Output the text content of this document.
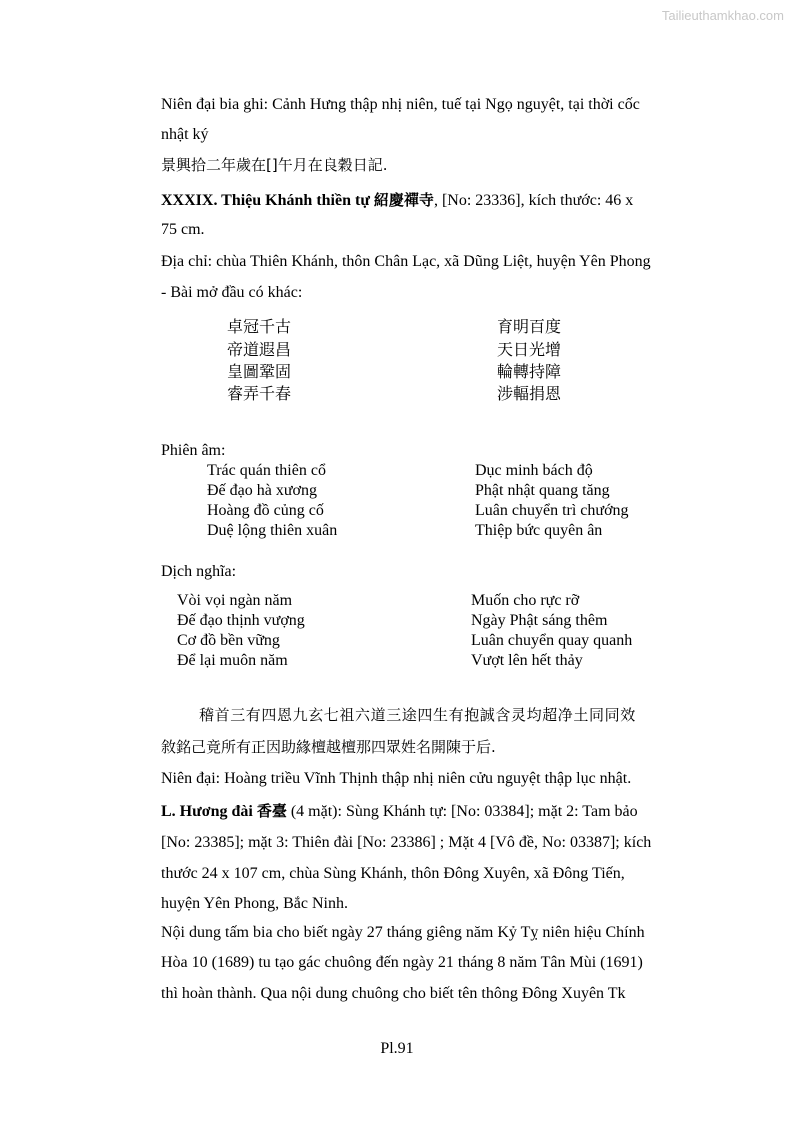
Tailieuthamkhao.com
Niên đại bia ghi: Cảnh Hưng thập nhị niên, tuế tại Ngọ nguyệt, tại thời cốc
nhật ký
景興拾二年歲在[]午月在良穀日記.
XXXIX. Thiệu Khánh thiền tự 紹慶禪寺, [No: 23336], kích thước: 46 x
75 cm.
Địa chỉ: chùa Thiên Khánh, thôn Chân Lạc, xã Dũng Liệt, huyện Yên Phong
- Bài mở đầu có khác:
卓冠千古	育明百度
帝道遐昌	天日光增
皇圖鞏固	輪轉持障
睿弄千春	涉輻捐恩
Phiên âm:
Trác quán thiên cổ	Dục minh bách độ
Đế đạo hà xương	Phật nhật quang tăng
Hoàng đồ củng cố	Luân chuyển trì chướng
Duệ lộng thiên xuân	Thiệp bức quyên ân
Dịch nghĩa:
Vòi vọi ngàn năm	Muốn cho rực rỡ
Đế đạo thịnh vượng	Ngày Phật sáng thêm
Cơ đồ bền vững	Luân chuyển quay quanh
Để lại muôn năm	Vượt lên hết thảy
稽首三有四恩九玄七祖六道三途四生有抱誠含灵均超净土同同效
敘銘己竟所有正因助緣檀越檀那四眾姓名開陳于后.
Niên đại: Hoàng triều Vĩnh Thịnh thập nhị niên cửu nguyệt thập lục nhật.
L. Hương đài 香臺 (4 mặt): Sùng Khánh tự: [No: 03384]; mặt 2: Tam bảo
[No: 23385]; mặt 3: Thiên đài [No: 23386] ; Mặt 4 [Vô đề, No: 03387]; kích
thước 24 x 107 cm, chùa Sùng Khánh, thôn Đông Xuyên, xã Đông Tiến,
huyện Yên Phong, Bắc Ninh.
Nội dung tấm bia cho biết ngày 27 tháng giêng năm Kỷ Tỵ niên hiệu Chính
Hòa 10 (1689) tu tạo gác chuông đến ngày 21 tháng 8 năm Tân Mùi (1691)
thì hoàn thành. Qua nội dung chuông cho biết tên thông Đông Xuyên Tk
Pl.91
